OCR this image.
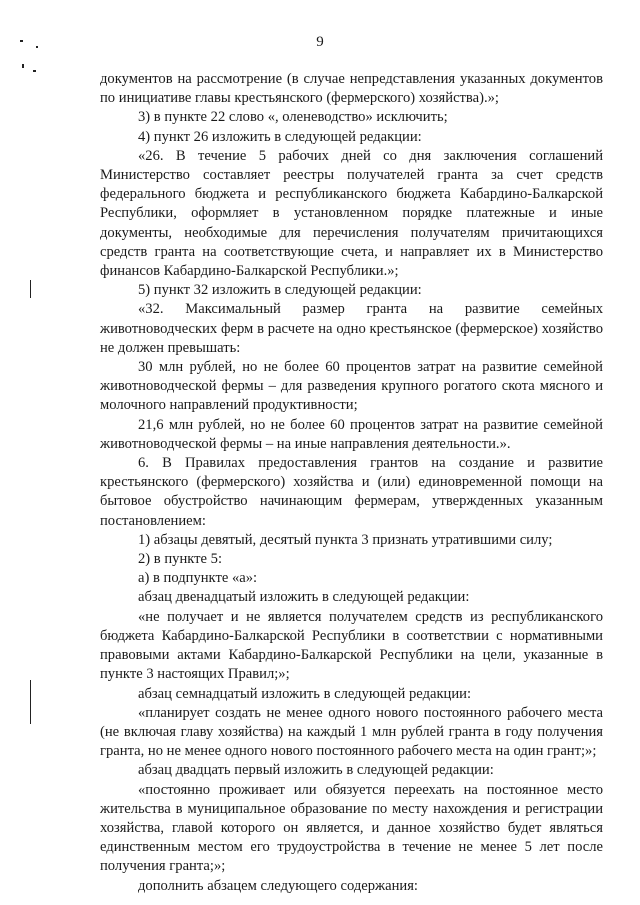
9

документов на рассмотрение (в случае непредставления указанных документов по инициативе главы крестьянского (фермерского) хозяйства).»;

3) в пункте 22 слово «, оленеводство» исключить;

4) пункт 26 изложить в следующей редакции:

«26. В течение 5 рабочих дней со дня заключения соглашений Министерство составляет реестры получателей гранта за счет средств федерального бюджета и республиканского бюджета Кабардино-Балкарской Республики, оформляет в установленном порядке платежные и иные документы, необходимые для перечисления получателям причитающихся средств гранта на соответствующие счета, и направляет их в Министерство финансов Кабардино-Балкарской Республики.»;

5) пункт 32 изложить в следующей редакции:

«32. Максимальный размер гранта на развитие семейных животноводческих ферм в расчете на одно крестьянское (фермерское) хозяйство не должен превышать:

30 млн рублей, но не более 60 процентов затрат на развитие семейной животноводческой фермы – для разведения крупного рогатого скота мясного и молочного направлений продуктивности;

21,6 млн рублей, но не более 60 процентов затрат на развитие семейной животноводческой фермы – на иные направления деятельности.».

6. В Правилах предоставления грантов на создание и развитие крестьянского (фермерского) хозяйства и (или) единовременной помощи на бытовое обустройство начинающим фермерам, утвержденных указанным постановлением:

1) абзацы девятый, десятый пункта 3 признать утратившими силу;

2) в пункте 5:

а) в подпункте «а»:

абзац двенадцатый изложить в следующей редакции:

«не получает и не является получателем средств из республиканского бюджета Кабардино-Балкарской Республики в соответствии с нормативными правовыми актами Кабардино-Балкарской Республики на цели, указанные в пункте 3 настоящих Правил;»;

абзац семнадцатый изложить в следующей редакции:

«планирует создать не менее одного нового постоянного рабочего места (не включая главу хозяйства) на каждый 1 млн рублей гранта в году получения гранта, но не менее одного нового постоянного рабочего места на один грант;»;

абзац двадцать первый изложить в следующей редакции:

«постоянно проживает или обязуется переехать на постоянное место жительства в муниципальное образование по месту нахождения и регистрации хозяйства, главой которого он является, и данное хозяйство будет являться единственным местом его трудоустройства в течение не менее 5 лет после получения гранта;»;

дополнить абзацем следующего содержания:
